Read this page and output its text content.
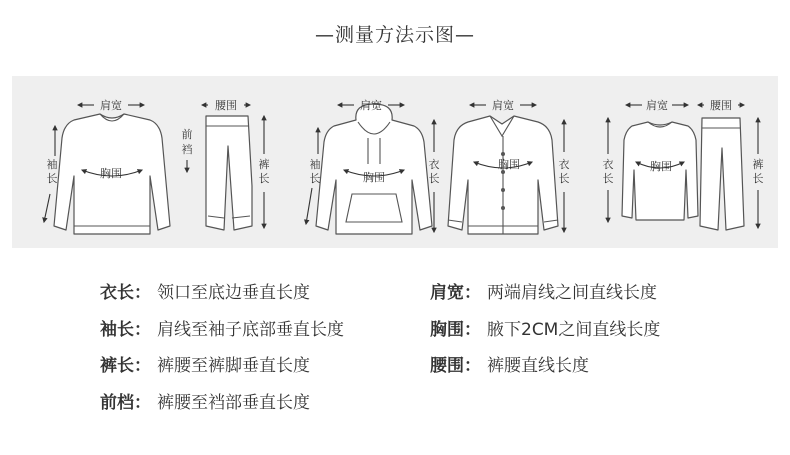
—测量方法示图—
肩宽
袖
长	胸围
腰围
前
裆
裤
长
肩宽
袖
长	胸围
衣
长
肩宽
胸围	衣
长
肩宽	腰围
胸围
衣
长
裤
长
衣长： 领口至底边垂直长度
袖长： 肩线至袖子底部垂直长度
裤长： 裤腰至裤脚垂直长度
前档： 裤腰至裆部垂直长度
肩宽： 两端肩线之间直线长度
胸围： 腋下2CM之间直线长度
腰围： 裤腰直线长度
